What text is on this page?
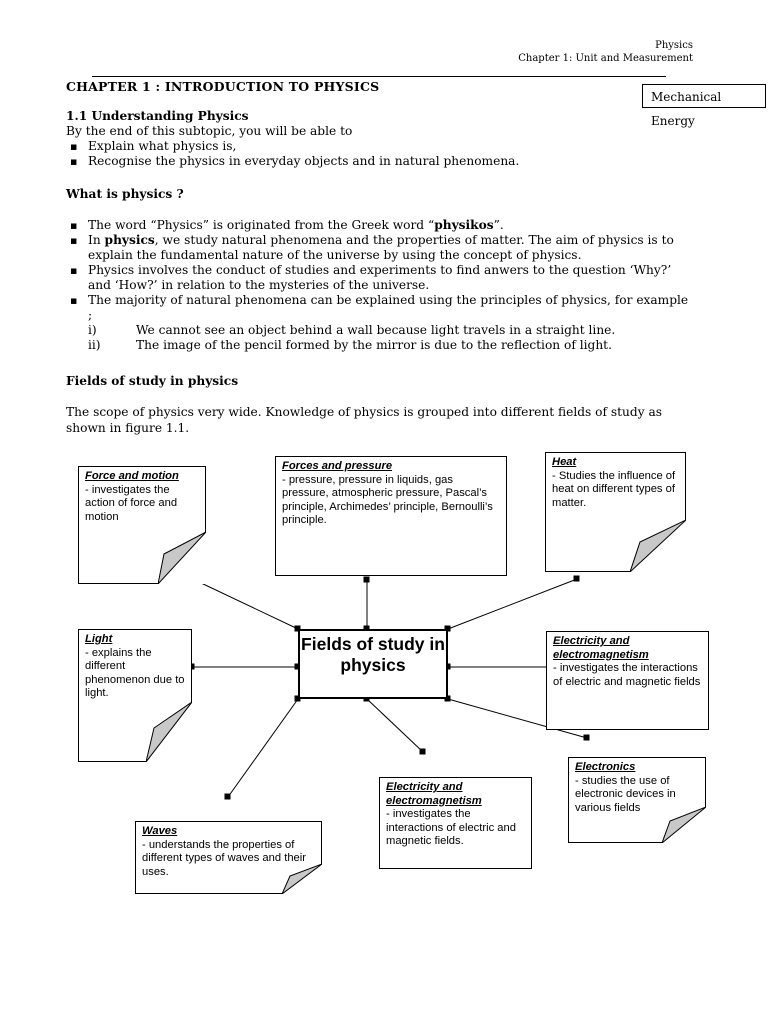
Physics
Chapter 1: Unit and Measurement
CHAPTER 1 : INTRODUCTION TO PHYSICS
Mechanical Energy
1.1 Understanding Physics
By the end of this subtopic, you will be able to
▪ Explain what physics is,
▪ Recognise the physics in everyday objects and in natural phenomena.
What is physics ?
▪ The word “Physics” is originated from the Greek word “physikos”.
▪ In physics, we study natural phenomena and the properties of matter. The aim of physics is to explain the fundamental nature of the universe by using the concept of physics.
▪ Physics involves the conduct of studies and experiments to find anwers to the question ‘Why?’ and ‘How?’ in relation to the mysteries of the universe.
▪ The majority of natural phenomena can be explained using the principles of physics, for example ;
i)	We cannot see an object behind a wall because light travels in a straight line.
ii)	The image of the pencil formed by the mirror is due to the reflection of light.
Fields of study in physics
The scope of physics very wide. Knowledge of physics is grouped into different fields of study as shown in figure 1.1.
Fields of study in physics
Force and motion
- investigates the action of force and motion
Forces and pressure
- pressure, pressure in liquids, gas pressure, atmospheric pressure, Pascal’s principle, Archimedes’ principle, Bernoulli’s principle.
Heat
- Studies the influence of heat on different types of matter.
Light
- explains the different phenomenon due to light.
Electricity and electromagnetism
- investigates the interactions of electric and magnetic fields
Electronics
- studies the use of electronic devices in various fields
Electricity and electromagnetism
- investigates the interactions of electric and magnetic fields.
Waves
- understands the properties of different types of waves and their uses.
